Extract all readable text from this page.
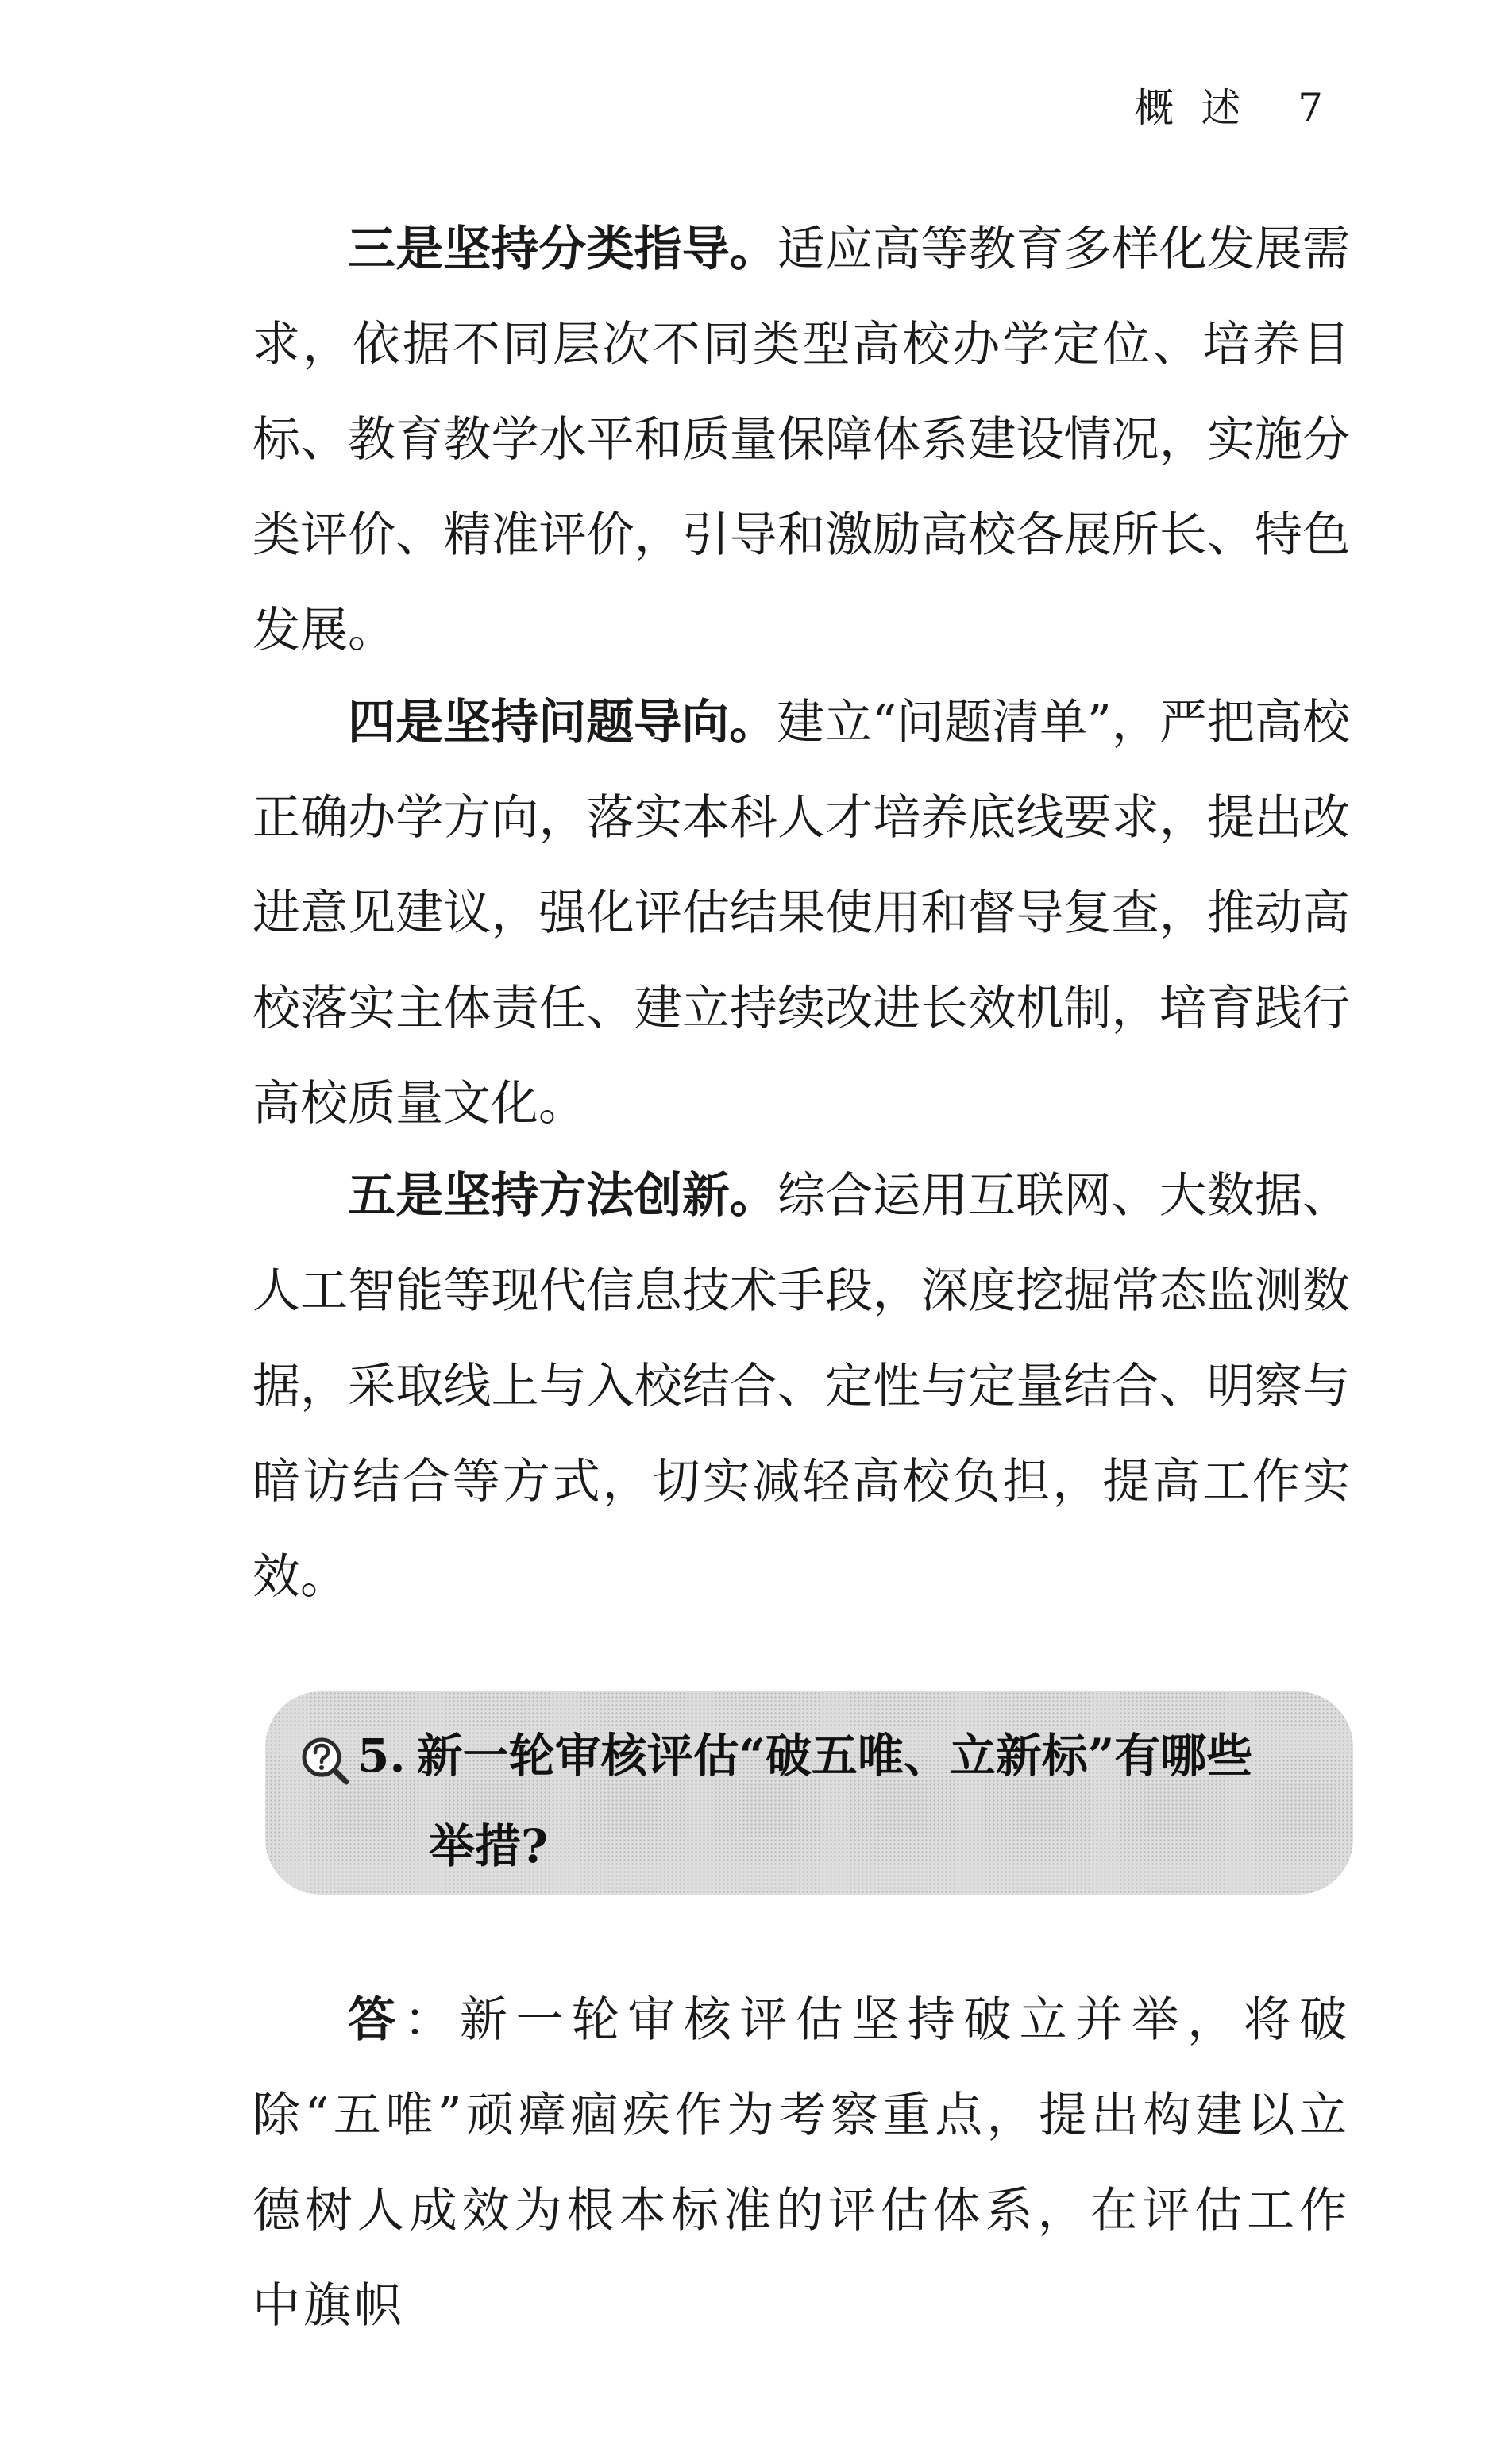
概 述 7

三是坚持分类指导。适应高等教育多样化发展需求，依据不同层次不同类型高校办学定位、培养目标、教育教学水平和质量保障体系建设情况，实施分类评价、精准评价，引导和激励高校各展所长、特色发展。

四是坚持问题导向。建立“问题清单”，严把高校正确办学方向，落实本科人才培养底线要求，提出改进意见建议，强化评估结果使用和督导复查，推动高校落实主体责任、建立持续改进长效机制，培育践行高校质量文化。

五是坚持方法创新。综合运用互联网、大数据、人工智能等现代信息技术手段，深度挖掘常态监测数据，采取线上与入校结合、定性与定量结合、明察与暗访结合等方式，切实减轻高校负担，提高工作实效。

5. 新一轮审核评估“破五唯、立新标”有哪些
举措?

答：新一轮审核评估坚持破立并举，将破除“五唯”顽瘴痼疾作为考察重点，提出构建以立德树人成效为根本标准的评估体系，在评估工作中旗帜
